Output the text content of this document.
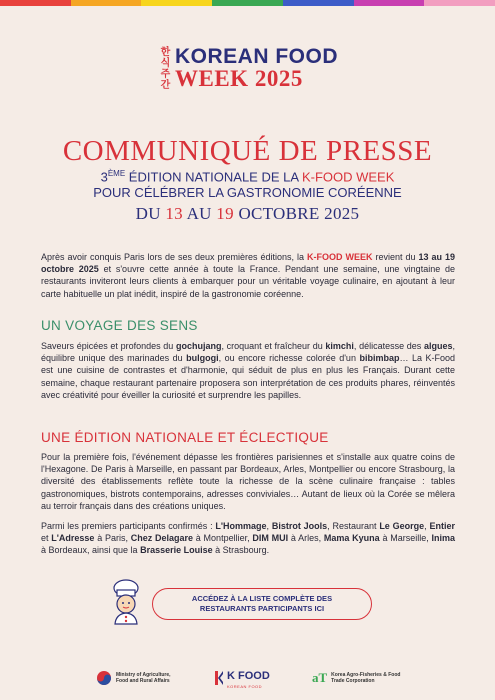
한식주간 KOREAN FOOD
WEEK 2025
COMMUNIQUÉ DE PRESSE
3ÈME ÉDITION NATIONALE DE LA K-FOOD WEEK
POUR CÉLÉBRER LA GASTRONOMIE CORÉENNE
DU 13 AU 19 OCTOBRE 2025
Après avoir conquis Paris lors de ses deux premières éditions, la K-FOOD WEEK revient du 13 au 19 octobre 2025 et s'ouvre cette année à toute la France. Pendant une semaine, une vingtaine de restaurants inviteront leurs clients à embarquer pour un véritable voyage culinaire, en ajoutant à leur carte habituelle un plat inédit, inspiré de la gastronomie coréenne.
UN VOYAGE DES SENS
Saveurs épicées et profondes du gochujang, croquant et fraîcheur du kimchi, délicatesse des algues, équilibre unique des marinades du bulgogi, ou encore richesse colorée d'un bibimbap… La K-Food est une cuisine de contrastes et d'harmonie, qui séduit de plus en plus les Français. Durant cette semaine, chaque restaurant partenaire proposera son interprétation de ces produits phares, réinventés avec créativité pour éveiller la curiosité et surprendre les papilles.
UNE ÉDITION NATIONALE ET ÉCLECTIQUE
Pour la première fois, l'événement dépasse les frontières parisiennes et s'installe aux quatre coins de l'Hexagone. De Paris à Marseille, en passant par Bordeaux, Arles, Montpellier ou encore Strasbourg, la diversité des établissements reflète toute la richesse de la scène culinaire française : tables gastronomiques, bistrots contemporains, adresses conviviales… Autant de lieux où la Corée se mêlera au terroir français dans des créations uniques.
Parmi les premiers participants confirmés : L'Hommage, Bistrot Jools, Restaurant Le George, Entier et L'Adresse à Paris, Chez Delagare à Montpellier, DIM MUI à Arles, Mama Kyuna à Marseille, Inima à Bordeaux, ainsi que la Brasserie Louise à Strasbourg.
ACCÉDEZ À LA LISTE COMPLÈTE DES
RESTAURANTS PARTICIPANTS ICI
Ministry of Agriculture,
Food and Rural Affairs	K FOOD
KOREAN FOOD
aT Korea Agro-Fisheries & Food
Trade Corporation
